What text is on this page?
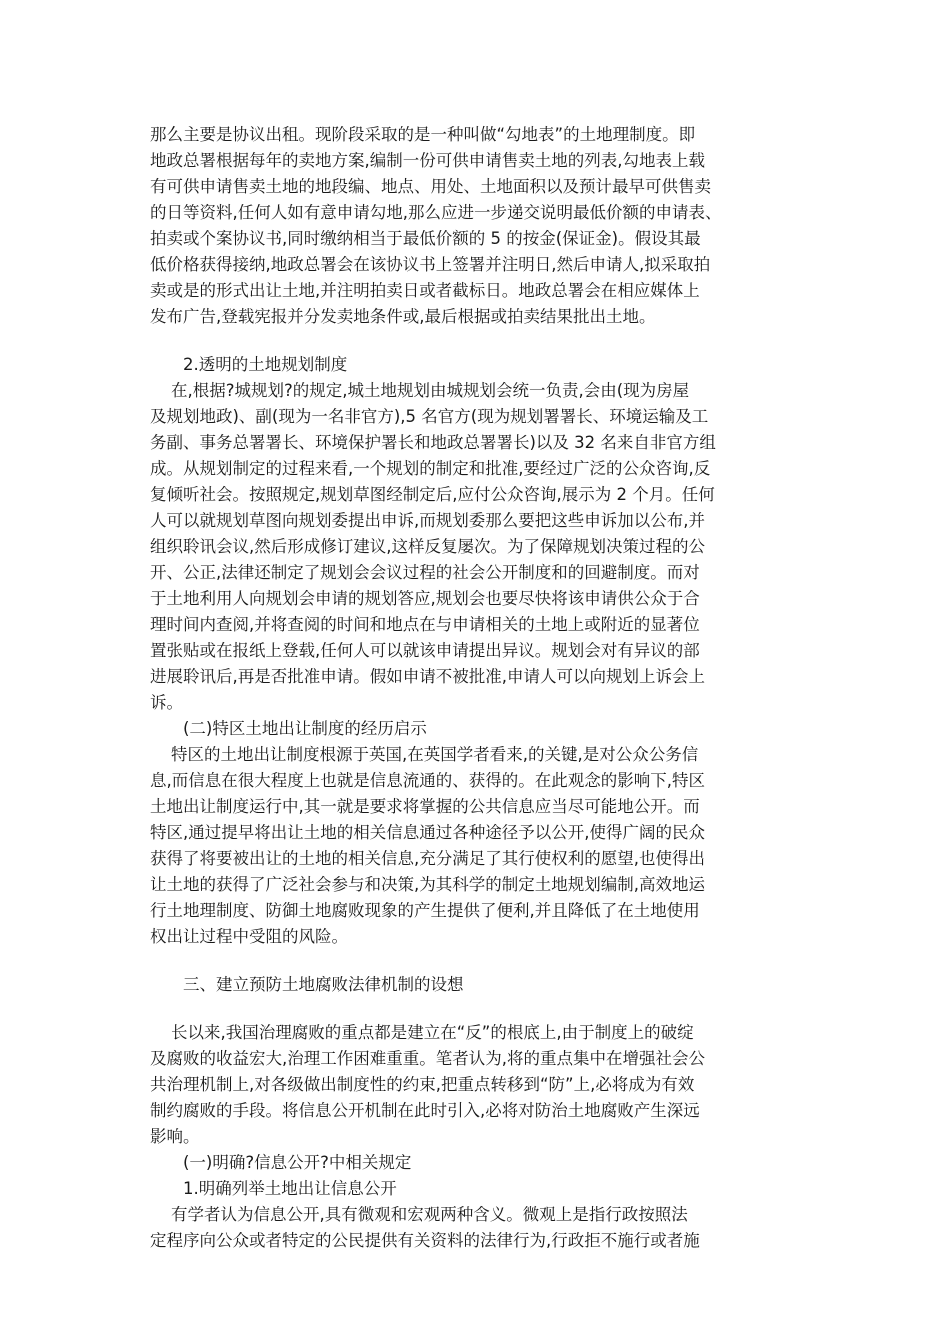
那么主要是协议出租。现阶段采取的是一种叫做“勾地表”的土地理制度。即
地政总署根据每年的卖地方案,编制一份可供申请售卖土地的列表,勾地表上载
有可供申请售卖土地的地段编、地点、用处、土地面积以及预计最早可供售卖
的日等资料,任何人如有意申请勾地,那么应进一步递交说明最低价额的申请表、
拍卖或个案协议书,同时缴纳相当于最低价额的 5 的按金(保证金)。假设其最
低价格获得接纳,地政总署会在该协议书上签署并注明日,然后申请人,拟采取拍
卖或是的形式出让土地,并注明拍卖日或者截标日。地政总署会在相应媒体上
发布广告,登载宪报并分发卖地条件或,最后根据或拍卖结果批出土地。
2.透明的土地规划制度
在,根据?城规划?的规定,城土地规划由城规划会统一负责,会由(现为房屋
及规划地政)、副(现为一名非官方),5 名官方(现为规划署署长、环境运输及工
务副、事务总署署长、环境保护署长和地政总署署长)以及 32 名来自非官方组
成。从规划制定的过程来看,一个规划的制定和批准,要经过广泛的公众咨询,反
复倾听社会。按照规定,规划草图经制定后,应付公众咨询,展示为 2 个月。任何
人可以就规划草图向规划委提出申诉,而规划委那么要把这些申诉加以公布,并
组织聆讯会议,然后形成修订建议,这样反复屡次。为了保障规划决策过程的公
开、公正,法律还制定了规划会会议过程的社会公开制度和的回避制度。而对
于土地利用人向规划会申请的规划答应,规划会也要尽快将该申请供公众于合
理时间内查阅,并将查阅的时间和地点在与申请相关的土地上或附近的显著位
置张贴或在报纸上登载,任何人可以就该申请提出异议。规划会对有异议的部
进展聆讯后,再是否批准申请。假如申请不被批准,申请人可以向规划上诉会上
诉。
(二)特区土地出让制度的经历启示
特区的土地出让制度根源于英国,在英国学者看来,的关键,是对公众公务信
息,而信息在很大程度上也就是信息流通的、获得的。在此观念的影响下,特区
土地出让制度运行中,其一就是要求将掌握的公共信息应当尽可能地公开。而
特区,通过提早将出让土地的相关信息通过各种途径予以公开,使得广阔的民众
获得了将要被出让的土地的相关信息,充分满足了其行使权利的愿望,也使得出
让土地的获得了广泛社会参与和决策,为其科学的制定土地规划编制,高效地运
行土地理制度、防御土地腐败现象的产生提供了便利,并且降低了在土地使用
权出让过程中受阻的风险。
三、建立预防土地腐败法律机制的设想
长以来,我国治理腐败的重点都是建立在“反”的根底上,由于制度上的破绽
及腐败的收益宏大,治理工作困难重重。笔者认为,将的重点集中在增强社会公
共治理机制上,对各级做出制度性的约束,把重点转移到“防”上,必将成为有效
制约腐败的手段。将信息公开机制在此时引入,必将对防治土地腐败产生深远
影响。
(一)明确?信息公开?中相关规定
1.明确列举土地出让信息公开
有学者认为信息公开,具有微观和宏观两种含义。微观上是指行政按照法
定程序向公众或者特定的公民提供有关资料的法律行为,行政拒不施行或者施
